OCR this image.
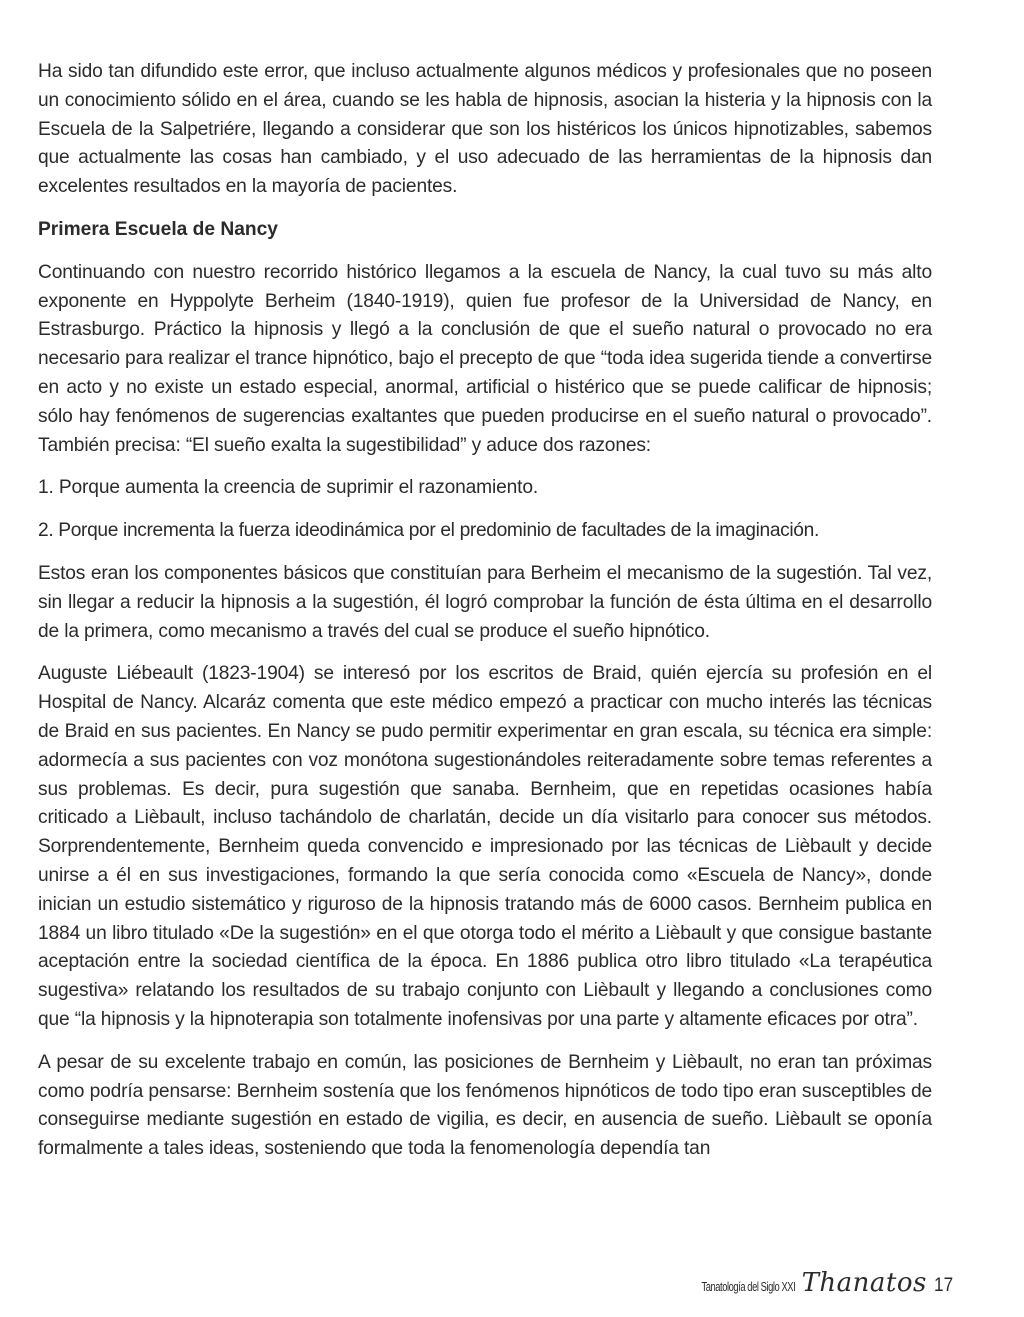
Ha sido tan difundido este error, que incluso actualmente algunos médicos y profesionales que no poseen un conocimiento sólido en el área, cuando se les habla de hipnosis, asocian la histeria y la hipnosis con la Escuela de la Salpetriére, llegando a considerar que son los histéricos los únicos hipnotizables, sabemos que actualmente las cosas han cambiado, y el uso adecuado de las herramientas de la hipnosis dan excelentes resultados en la mayoría de pacientes.

Primera Escuela de Nancy

Continuando con nuestro recorrido histórico llegamos a la escuela de Nancy, la cual tuvo su más alto exponente en Hyppolyte Berheim (1840-1919), quien fue profesor de la Universidad de Nancy, en Estrasburgo. Práctico la hipnosis y llegó a la conclusión de que el sueño natural o provocado no era necesario para realizar el trance hipnótico, bajo el precepto de que “toda idea sugerida tiende a convertirse en acto y no existe un estado especial, anormal, artificial o histérico que se puede calificar de hipnosis; sólo hay fenómenos de sugerencias exaltantes que pueden producirse en el sueño natural o provocado”. También precisa: “El sueño exalta la sugestibilidad” y aduce dos razones:

1. Porque aumenta la creencia de suprimir el razonamiento.

2. Porque incrementa la fuerza ideodinámica por el predominio de facultades de la imaginación.

Estos eran los componentes básicos que constituían para Berheim el mecanismo de la sugestión. Tal vez, sin llegar a reducir la hipnosis a la sugestión, él logró comprobar la función de ésta última en el desarrollo de la primera, como mecanismo a través del cual se produce el sueño hipnótico.

Auguste Liébeault (1823-1904) se interesó por los escritos de Braid, quién ejercía su profesión en el Hospital de Nancy. Alcaráz comenta que este médico empezó a practicar con mucho interés las técnicas de Braid en sus pacientes. En Nancy se pudo permitir experimentar en gran escala, su técnica era simple: adormecía a sus pacientes con voz monótona sugestionándoles reiteradamente sobre temas referentes a sus problemas. Es decir, pura sugestión que sanaba. Bernheim, que en repetidas ocasiones había criticado a Lièbault, incluso tachándolo de charlatán, decide un día visitarlo para conocer sus métodos. Sorprendentemente, Bernheim queda convencido e impresionado por las técnicas de Lièbault y decide unirse a él en sus investigaciones, formando la que sería conocida como «Escuela de Nancy», donde inician un estudio sistemático y riguroso de la hipnosis tratando más de 6000 casos. Bernheim publica en 1884 un libro titulado «De la sugestión» en el que otorga todo el mérito a Lièbault y que consigue bastante aceptación entre la sociedad científica de la época. En 1886 publica otro libro titulado «La terapéutica sugestiva» relatando los resultados de su trabajo conjunto con Lièbault y llegando a conclusiones como que “la hipnosis y la hipnoterapia son totalmente inofensivas por una parte y altamente eficaces por otra”.

A pesar de su excelente trabajo en común, las posiciones de Bernheim y Lièbault, no eran tan próximas como podría pensarse: Bernheim sostenía que los fenómenos hipnóticos de todo tipo eran susceptibles de conseguirse mediante sugestión en estado de vigilia, es decir, en ausencia de sueño. Lièbault se oponía formalmente a tales ideas, sosteniendo que toda la fenomenología dependía tan

Tanatología del Siglo XXI Thanatos 17
